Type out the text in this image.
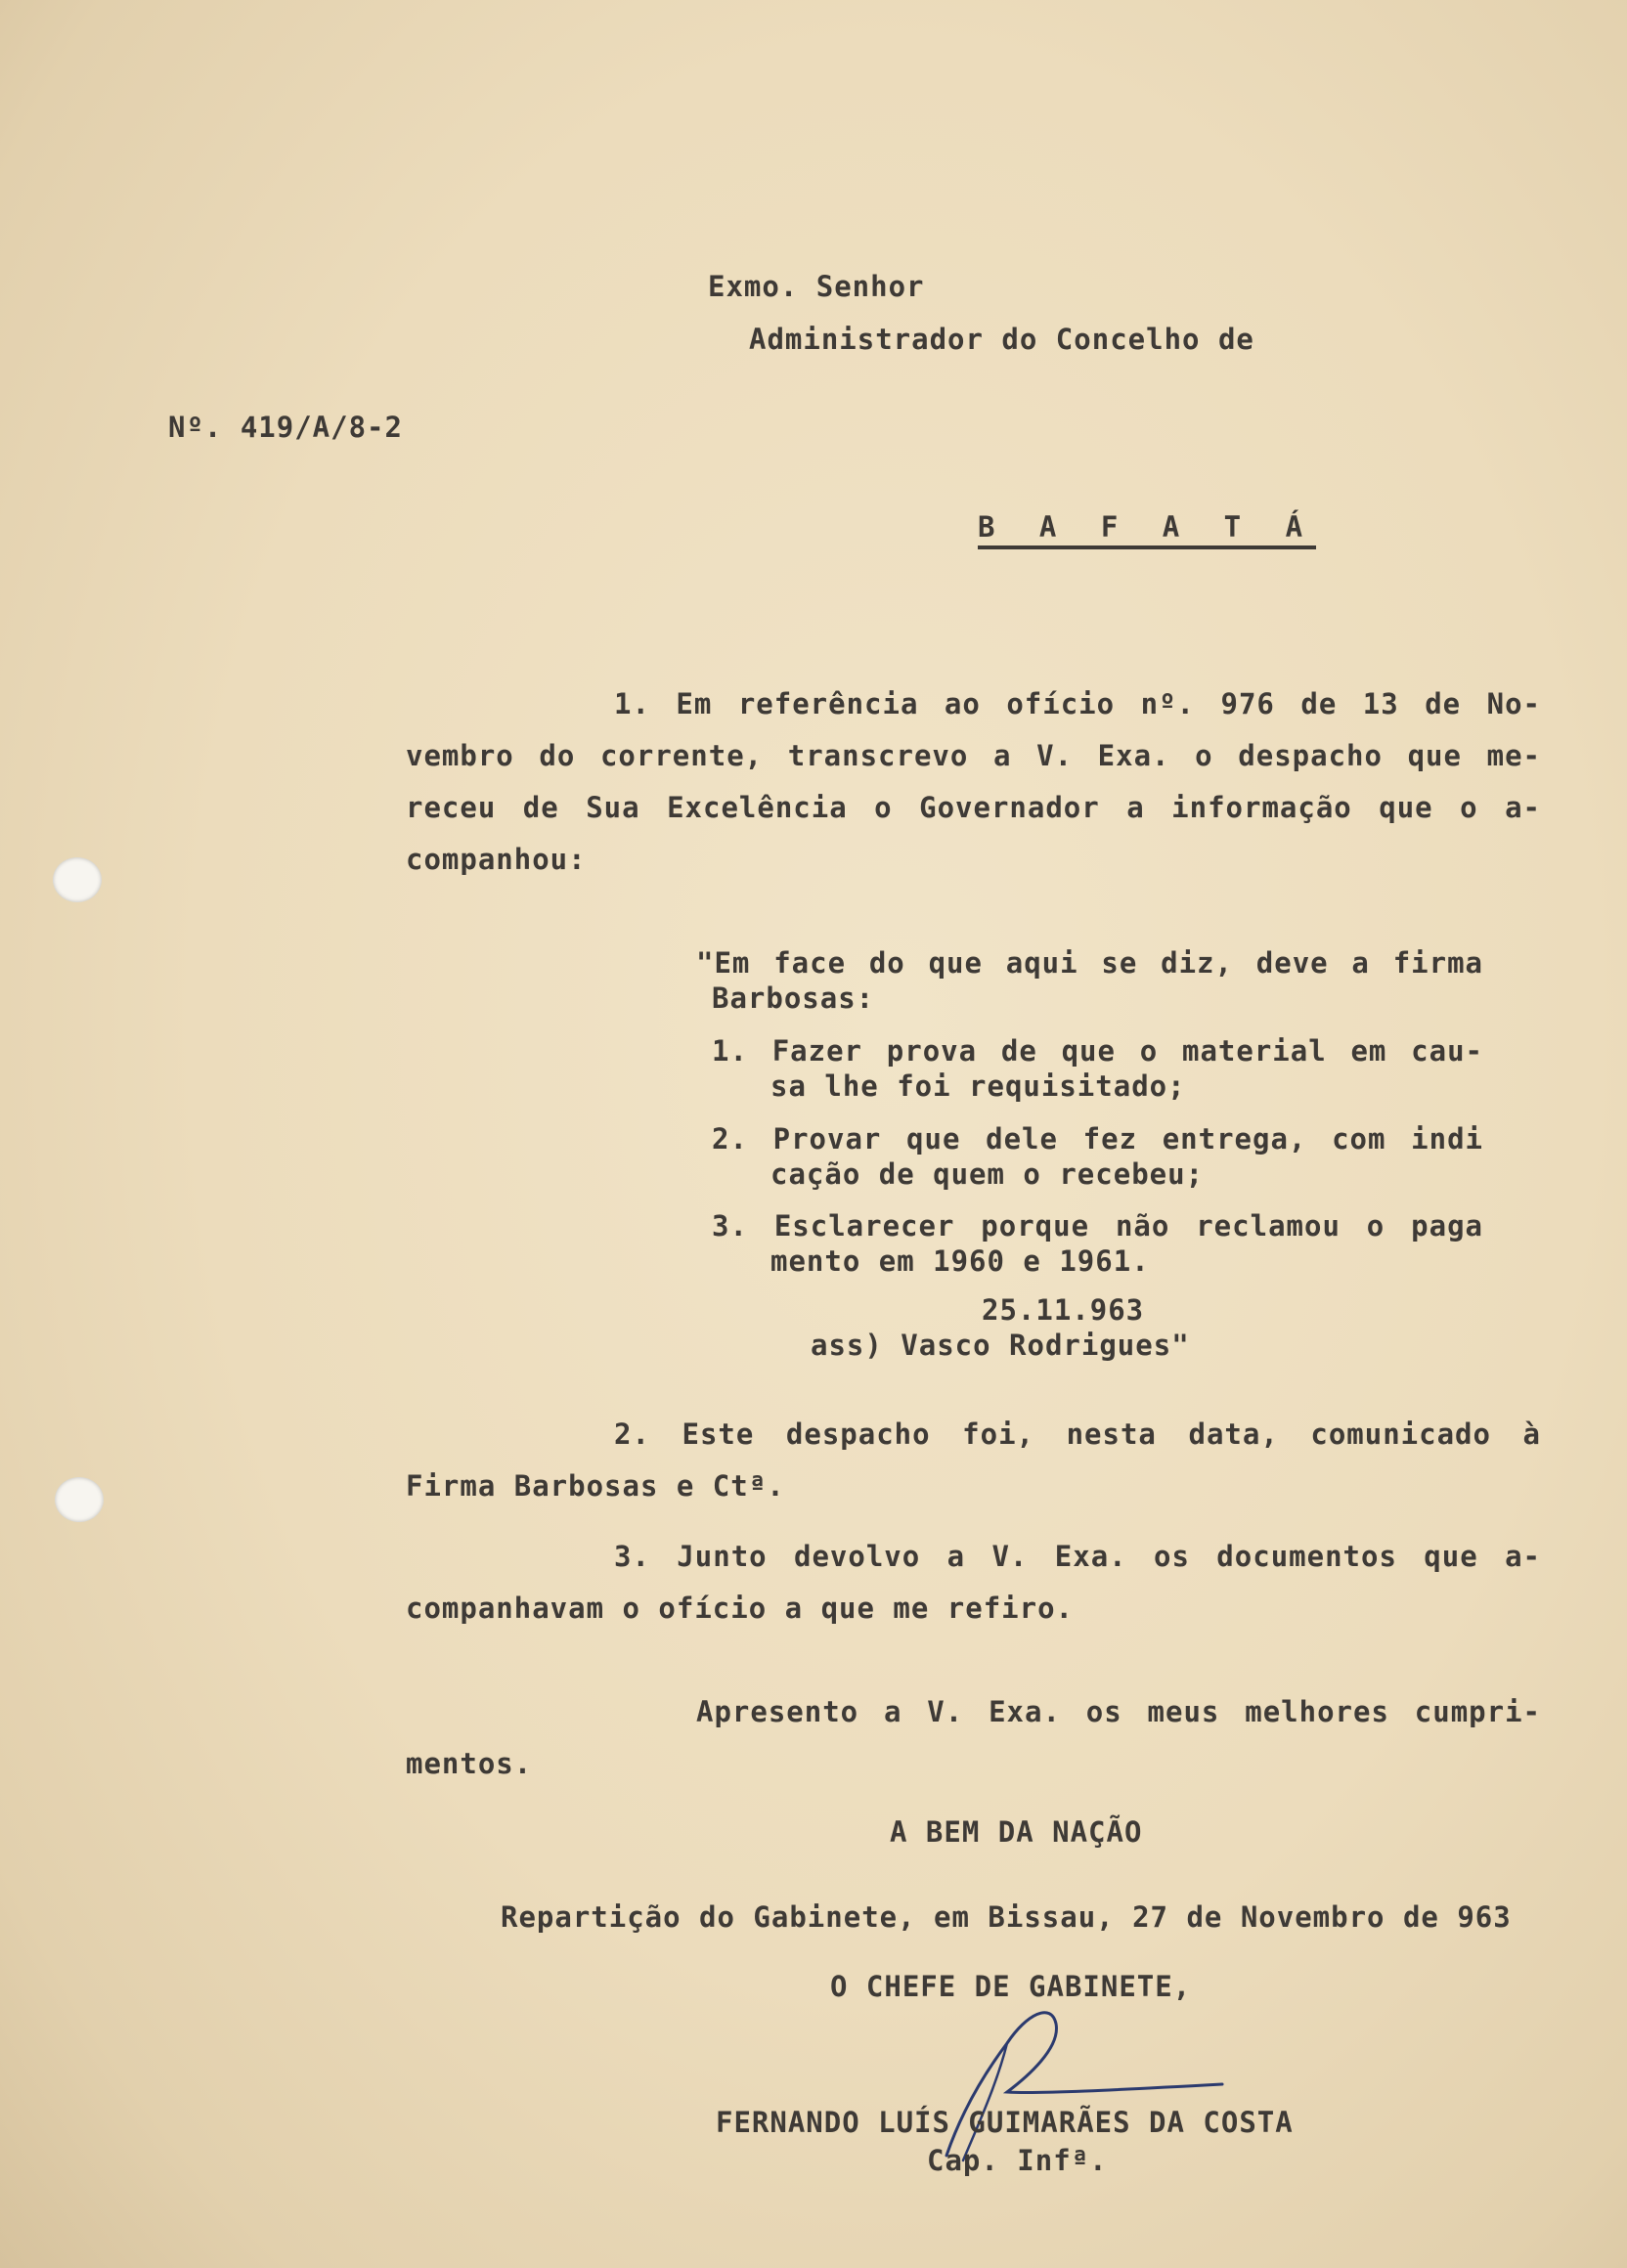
Exmo. Senhor
Administrador do Concelho de
Nº. 419/A/8-2
B A F A T Á
1. Em referência ao ofício nº. 976 de 13 de No-
vembro do corrente, transcrevo a V. Exa. o despacho que me-
receu de Sua Excelência o Governador a informação que o a-
companhou:
"Em face do que aqui se diz, deve a firma
Barbosas:
1. Fazer prova de que o material em cau-
sa lhe foi requisitado;
2. Provar que dele fez entrega, com indi
cação de quem o recebeu;
3. Esclarecer porque não reclamou o paga
mento em 1960 e 1961.
25.11.963
ass) Vasco Rodrigues"
2. Este despacho foi, nesta data, comunicado à
Firma Barbosas e Ctª.
3. Junto devolvo a V. Exa. os documentos que a-
companhavam o ofício a que me refiro.
Apresento a V. Exa. os meus melhores cumpri-
mentos.
A BEM DA NAÇÃO
Repartição do Gabinete, em Bissau, 27 de Novembro de 963
O CHEFE DE GABINETE,
FERNANDO LUÍS GUIMARÃES DA COSTA
Cap. Infª.
